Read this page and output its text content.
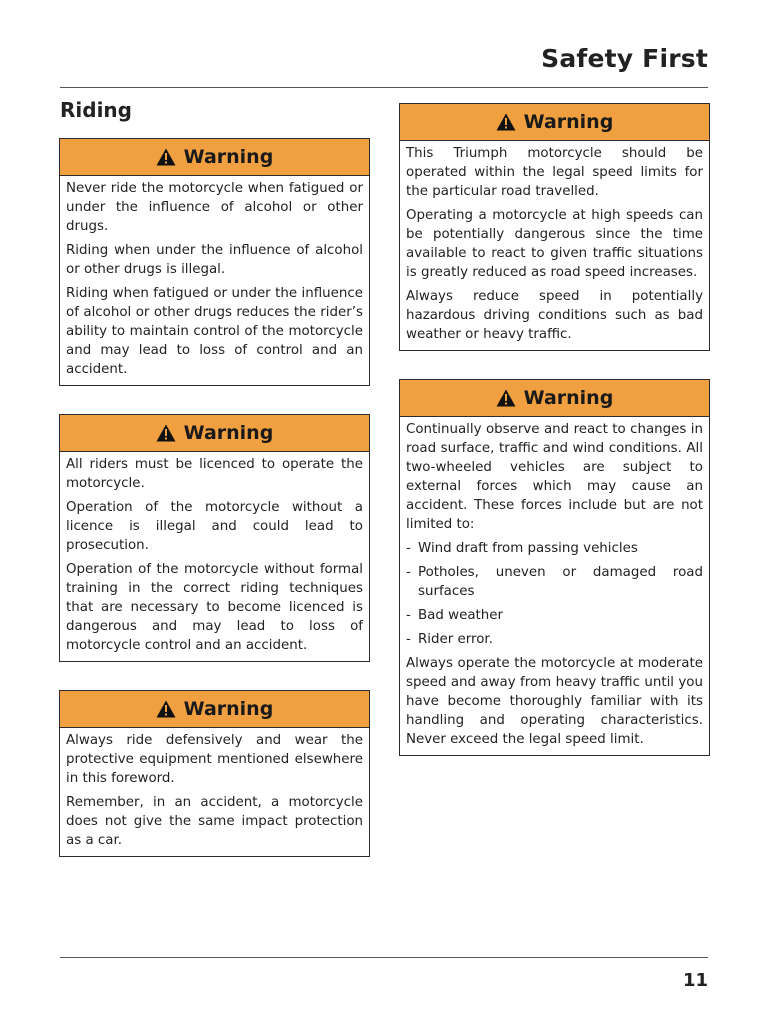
Safety First
Riding
Warning

Never ride the motorcycle when fatigued or under the influence of alcohol or other drugs.

Riding when under the influence of alcohol or other drugs is illegal.

Riding when fatigued or under the influence of alcohol or other drugs reduces the rider’s ability to maintain control of the motorcycle and may lead to loss of control and an accident.

Warning

All riders must be licenced to operate the motorcycle.

Operation of the motorcycle without a licence is illegal and could lead to prosecution.

Operation of the motorcycle without formal training in the correct riding techniques that are necessary to become licenced is dangerous and may lead to loss of motorcycle control and an accident.

Warning

Always ride defensively and wear the protective equipment mentioned elsewhere in this foreword.

Remember, in an accident, a motorcycle does not give the same impact protection as a car.

Warning

This Triumph motorcycle should be operated within the legal speed limits for the particular road travelled.

Operating a motorcycle at high speeds can be potentially dangerous since the time available to react to given traffic situations is greatly reduced as road speed increases.

Always reduce speed in potentially hazardous driving conditions such as bad weather or heavy traffic.

Warning

Continually observe and react to changes in road surface, traffic and wind conditions. All two-wheeled vehicles are subject to external forces which may cause an accident. These forces include but are not limited to:

- Wind draft from passing vehicles
- Potholes, uneven or damaged road surfaces
- Bad weather
- Rider error.

Always operate the motorcycle at moderate speed and away from heavy traffic until you have become thoroughly familiar with its handling and operating characteristics. Never exceed the legal speed limit.

11
